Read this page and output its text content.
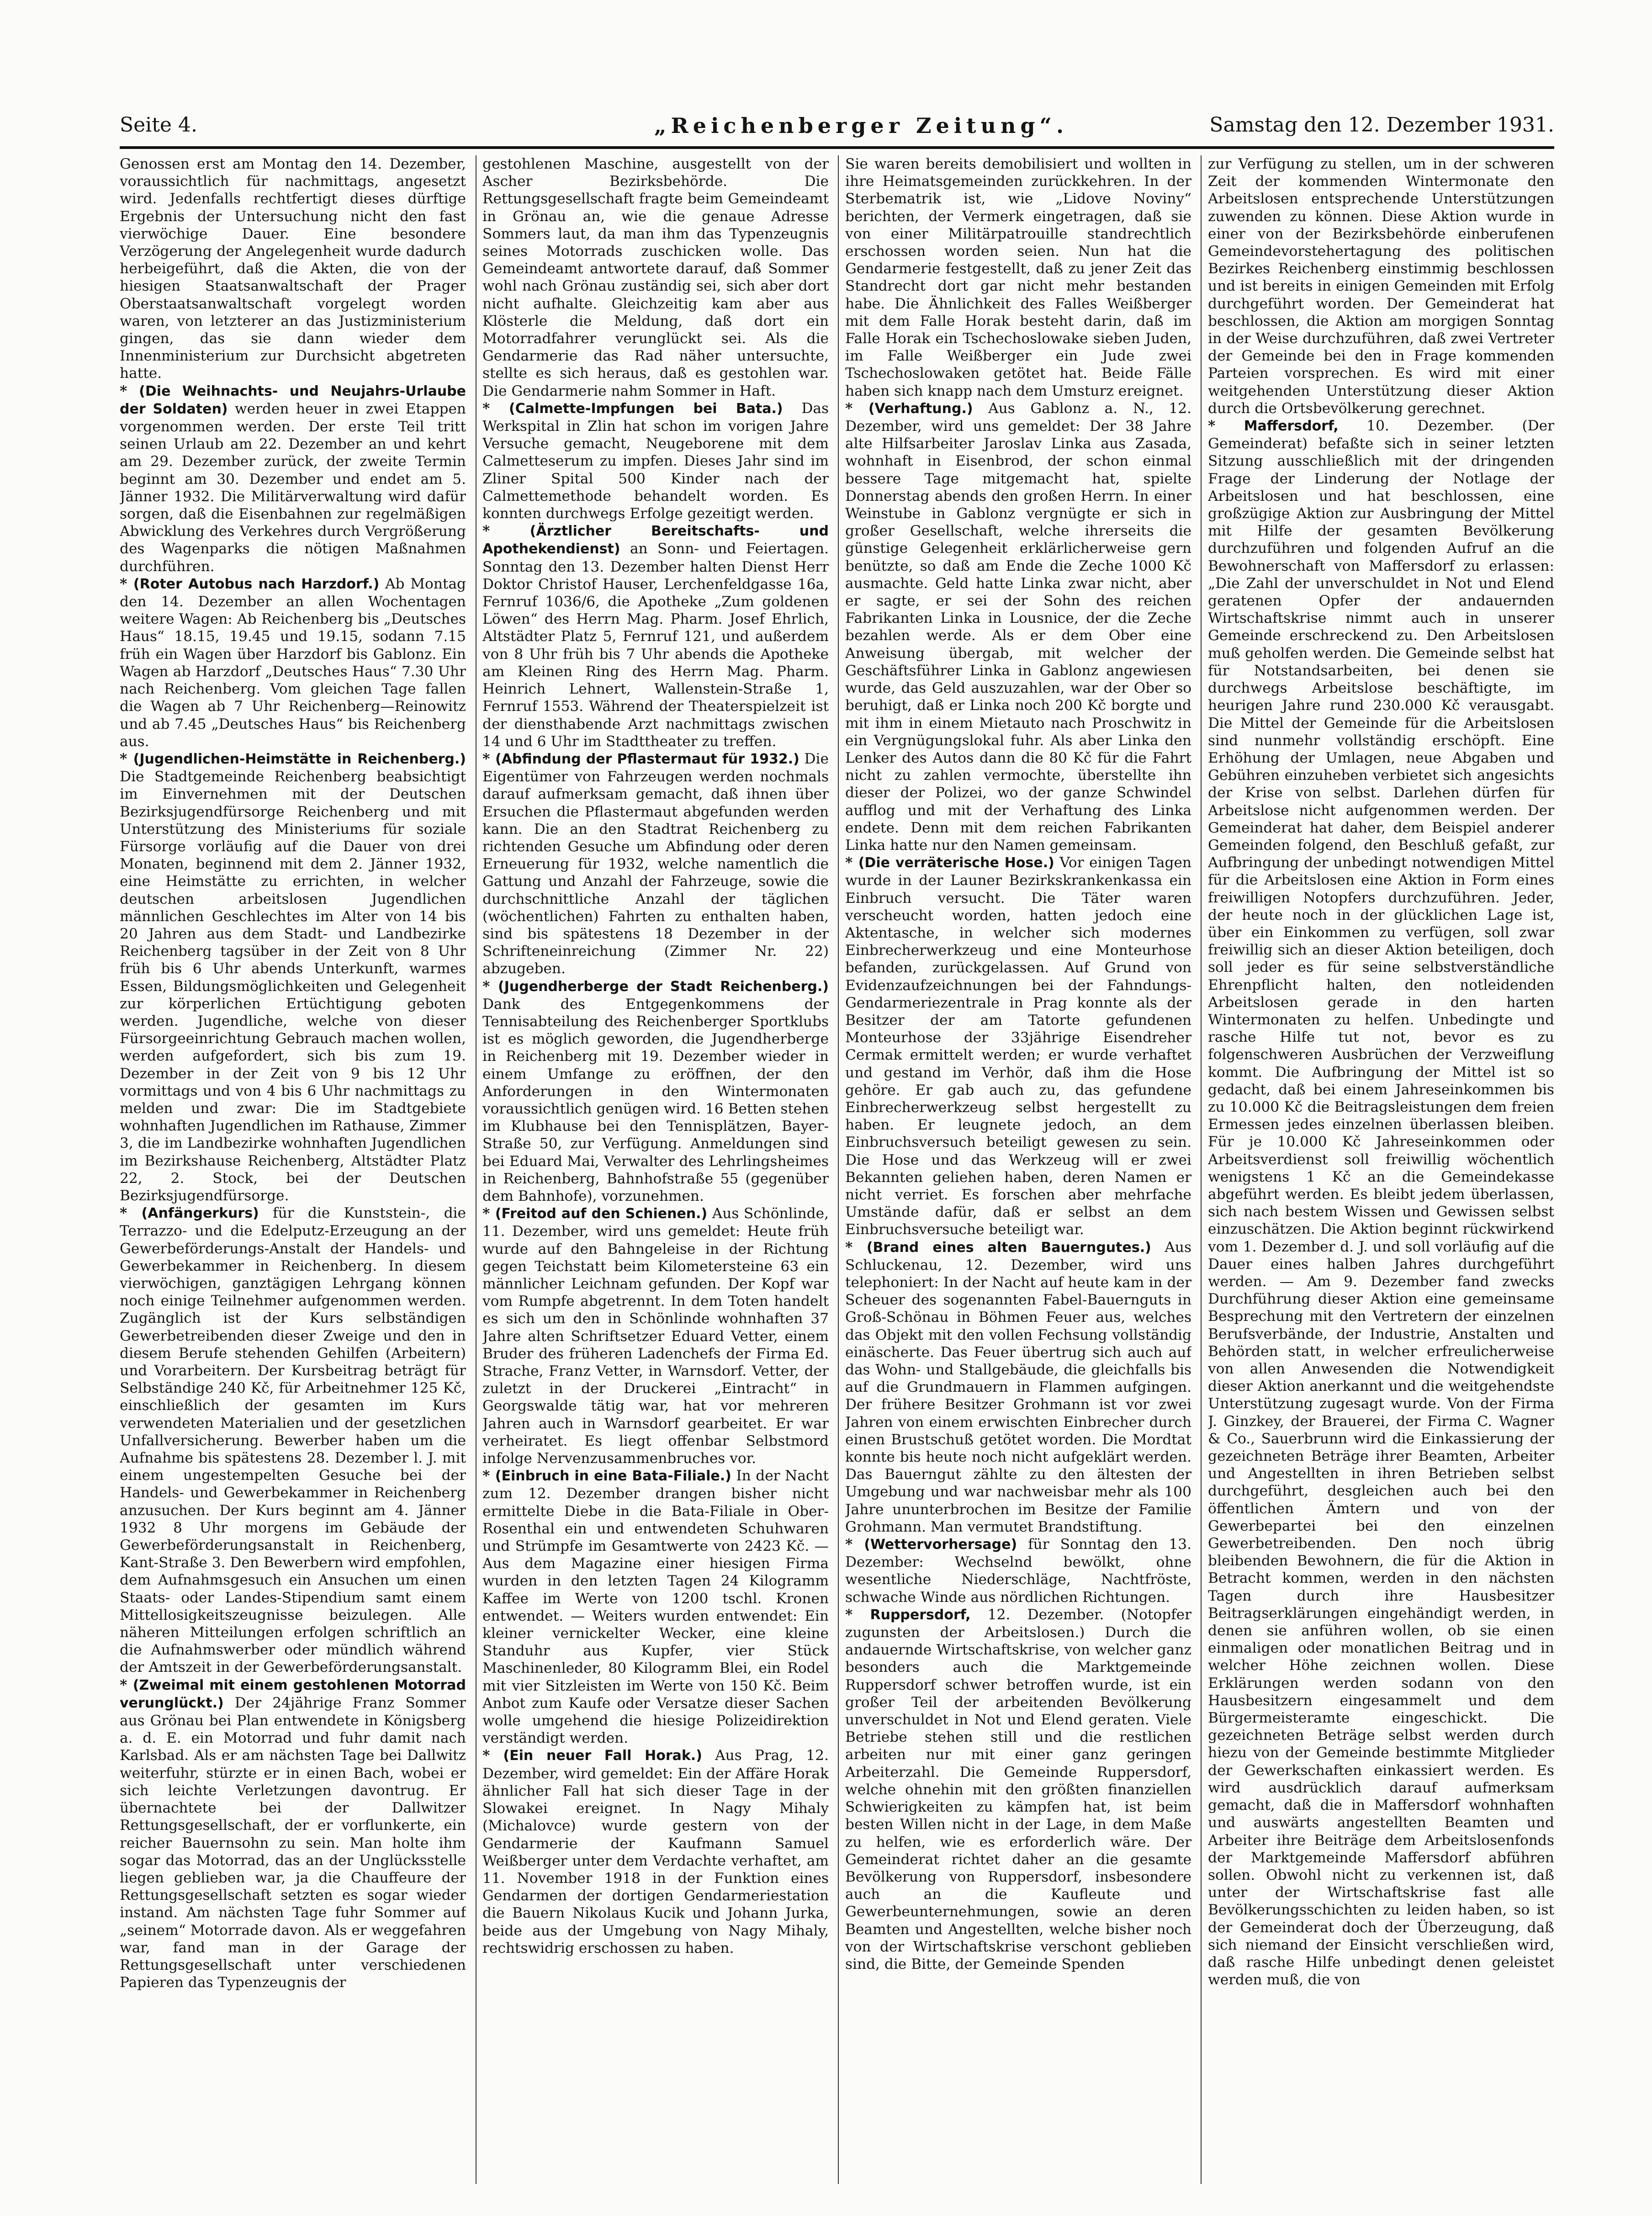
Seite 4.	„Reichenberger Zeitung“.	Samstag den 12. Dezember 1931.

Genossen erst am Montag den 14. Dezember, voraussichtlich für nachmittags, angesetzt wird. Jedenfalls rechtfertigt dieses dürftige Ergebnis der Untersuchung nicht den fast vierwöchige Dauer. Eine besondere Verzögerung der Angelegenheit wurde dadurch herbeigeführt, daß die Akten, die von der hiesigen Staatsanwaltschaft der Prager Oberstaatsanwaltschaft vorgelegt worden waren, von letzterer an das Justizministerium gingen, das sie dann wieder dem Innenministerium zur Durchsicht abgetreten hatte.

* (Die Weihnachts- und Neujahrs-Urlaube der Soldaten) werden heuer in zwei Etappen vorgenommen werden. Der erste Teil tritt seinen Urlaub am 22. Dezember an und kehrt am 29. Dezember zurück, der zweite Termin beginnt am 30. Dezember und endet am 5. Jänner 1932. Die Militärverwaltung wird dafür sorgen, daß die Eisenbahnen zur regelmäßigen Abwicklung des Verkehres durch Vergrößerung des Wagenparks die nötigen Maßnahmen durchführen.

* (Roter Autobus nach Harzdorf.) Ab Montag den 14. Dezember an allen Wochentagen weitere Wagen: Ab Reichenberg bis „Deutsches Haus“ 18.15, 19.45 und 19.15, sodann 7.15 früh ein Wagen über Harzdorf bis Gablonz. Ein Wagen ab Harzdorf „Deutsches Haus“ 7.30 Uhr nach Reichenberg. Vom gleichen Tage fallen die Wagen ab 7 Uhr Reichenberg—Reinowitz und ab 7.45 „Deutsches Haus“ bis Reichenberg aus.

* (Jugendlichen-Heimstätte in Reichenberg.) Die Stadtgemeinde Reichenberg beabsichtigt im Einvernehmen mit der Deutschen Bezirksjugendfürsorge Reichenberg und mit Unterstützung des Ministeriums für soziale Fürsorge vorläufig auf die Dauer von drei Monaten, beginnend mit dem 2. Jänner 1932, eine Heimstätte zu errichten, in welcher deutschen arbeitslosen Jugendlichen männlichen Geschlechtes im Alter von 14 bis 20 Jahren aus dem Stadt- und Landbezirke Reichenberg tagsüber in der Zeit von 8 Uhr früh bis 6 Uhr abends Unterkunft, warmes Essen, Bildungsmöglichkeiten und Gelegenheit zur körperlichen Ertüchtigung geboten werden. Jugendliche, welche von dieser Fürsorgeeinrichtung Gebrauch machen wollen, werden aufgefordert, sich bis zum 19. Dezember in der Zeit von 9 bis 12 Uhr vormittags und von 4 bis 6 Uhr nachmittags zu melden und zwar: Die im Stadtgebiete wohnhaften Jugendlichen im Rathause, Zimmer 3, die im Landbezirke wohnhaften Jugendlichen im Bezirkshause Reichenberg, Altstädter Platz 22, 2. Stock, bei der Deutschen Bezirksjugendfürsorge.

* (Anfängerkurs) für die Kunststein-, die Terrazzo- und die Edelputz-Erzeugung an der Gewerbeförderungs-Anstalt der Handels- und Gewerbekammer in Reichenberg. In diesem vierwöchigen, ganztägigen Lehrgang können noch einige Teilnehmer aufgenommen werden. Zugänglich ist der Kurs selbständigen Gewerbetreibenden dieser Zweige und den in diesem Berufe stehenden Gehilfen (Arbeitern) und Vorarbeitern. Der Kursbeitrag beträgt für Selbständige 240 Kč, für Arbeitnehmer 125 Kč, einschließlich der gesamten im Kurs verwendeten Materialien und der gesetzlichen Unfallversicherung. Bewerber haben um die Aufnahme bis spätestens 28. Dezember l. J. mit einem ungestempelten Gesuche bei der Handels- und Gewerbekammer in Reichenberg anzusuchen. Der Kurs beginnt am 4. Jänner 1932 8 Uhr morgens im Gebäude der Gewerbeförderungsanstalt in Reichenberg, Kant-Straße 3. Den Bewerbern wird empfohlen, dem Aufnahmsgesuch ein Ansuchen um einen Staats- oder Landes-Stipendium samt einem Mittellosigkeitszeugnisse beizulegen. Alle näheren Mitteilungen erfolgen schriftlich an die Aufnahmswerber oder mündlich während der Amtszeit in der Gewerbeförderungsanstalt.

* (Zweimal mit einem gestohlenen Motorrad verunglückt.) Der 24jährige Franz Sommer aus Grönau bei Plan entwendete in Königsberg a. d. E. ein Motorrad und fuhr damit nach Karlsbad. Als er am nächsten Tage bei Dallwitz weiterfuhr, stürzte er in einen Bach, wobei er sich leichte Verletzungen davontrug. Er übernachtete bei der Dallwitzer Rettungsgesellschaft, der er vorflunkerte, ein reicher Bauernsohn zu sein. Man holte ihm sogar das Motorrad, das an der Unglücksstelle liegen geblieben war, ja die Chauffeure der Rettungsgesellschaft setzten es sogar wieder instand. Am nächsten Tage fuhr Sommer auf „seinem“ Motorrade davon. Als er weggefahren war, fand man in der Garage der Rettungsgesellschaft unter verschiedenen Papieren das Typenzeugnis der

gestohlenen Maschine, ausgestellt von der Ascher Bezirksbehörde. Die Rettungsgesellschaft fragte beim Gemeindeamt in Grönau an, wie die genaue Adresse Sommers laut, da man ihm das Typenzeugnis seines Motorrads zuschicken wolle. Das Gemeindeamt antwortete darauf, daß Sommer wohl nach Grönau zuständig sei, sich aber dort nicht aufhalte. Gleichzeitig kam aber aus Klösterle die Meldung, daß dort ein Motorradfahrer verunglückt sei. Als die Gendarmerie das Rad näher untersuchte, stellte es sich heraus, daß es gestohlen war. Die Gendarmerie nahm Sommer in Haft.

* (Calmette-Impfungen bei Bata.) Das Werkspital in Zlin hat schon im vorigen Jahre Versuche gemacht, Neugeborene mit dem Calmetteserum zu impfen. Dieses Jahr sind im Zliner Spital 500 Kinder nach der Calmettemethode behandelt worden. Es konnten durchwegs Erfolge gezeitigt werden.

* (Ärztlicher Bereitschafts- und Apothekendienst) an Sonn- und Feiertagen. Sonntag den 13. Dezember halten Dienst Herr Doktor Christof Hauser, Lerchenfeldgasse 16a, Fernruf 1036/6, die Apotheke „Zum goldenen Löwen“ des Herrn Mag. Pharm. Josef Ehrlich, Altstädter Platz 5, Fernruf 121, und außerdem von 8 Uhr früh bis 7 Uhr abends die Apotheke am Kleinen Ring des Herrn Mag. Pharm. Heinrich Lehnert, Wallenstein-Straße 1, Fernruf 1553. Während der Theaterspielzeit ist der diensthabende Arzt nachmittags zwischen 14 und 6 Uhr im Stadttheater zu treffen.

* (Abfindung der Pflastermaut für 1932.) Die Eigentümer von Fahrzeugen werden nochmals darauf aufmerksam gemacht, daß ihnen über Ersuchen die Pflastermaut abgefunden werden kann. Die an den Stadtrat Reichenberg zu richtenden Gesuche um Abfindung oder deren Erneuerung für 1932, welche namentlich die Gattung und Anzahl der Fahrzeuge, sowie die durchschnittliche Anzahl der täglichen (wöchentlichen) Fahrten zu enthalten haben, sind bis spätestens 18 Dezember in der Schrifteneinreichung (Zimmer Nr. 22) abzugeben.

* (Jugendherberge der Stadt Reichenberg.) Dank des Entgegenkommens der Tennisabteilung des Reichenberger Sportklubs ist es möglich geworden, die Jugendherberge in Reichenberg mit 19. Dezember wieder in einem Umfange zu eröffnen, der den Anforderungen in den Wintermonaten voraussichtlich genügen wird. 16 Betten stehen im Klubhause bei den Tennisplätzen, Bayer-Straße 50, zur Verfügung. Anmeldungen sind bei Eduard Mai, Verwalter des Lehrlingsheimes in Reichenberg, Bahnhofstraße 55 (gegenüber dem Bahnhofe), vorzunehmen.

* (Freitod auf den Schienen.) Aus Schönlinde, 11. Dezember, wird uns gemeldet: Heute früh wurde auf den Bahngeleise in der Richtung gegen Teichstatt beim Kilometersteine 63 ein männlicher Leichnam gefunden. Der Kopf war vom Rumpfe abgetrennt. In dem Toten handelt es sich um den in Schönlinde wohnhaften 37 Jahre alten Schriftsetzer Eduard Vetter, einem Bruder des früheren Ladenchefs der Firma Ed. Strache, Franz Vetter, in Warnsdorf. Vetter, der zuletzt in der Druckerei „Eintracht“ in Georgswalde tätig war, hat vor mehreren Jahren auch in Warnsdorf gearbeitet. Er war verheiratet. Es liegt offenbar Selbstmord infolge Nervenzusammenbruches vor.

* (Einbruch in eine Bata-Filiale.) In der Nacht zum 12. Dezember drangen bisher nicht ermittelte Diebe in die Bata-Filiale in Ober-Rosenthal ein und entwendeten Schuhwaren und Strümpfe im Gesamtwerte von 2423 Kč. — Aus dem Magazine einer hiesigen Firma wurden in den letzten Tagen 24 Kilogramm Kaffee im Werte von 1200 tschl. Kronen entwendet. — Weiters wurden entwendet: Ein kleiner vernickelter Wecker, eine kleine Standuhr aus Kupfer, vier Stück Maschinenleder, 80 Kilogramm Blei, ein Rodel mit vier Sitzleisten im Werte von 150 Kč. Beim Anbot zum Kaufe oder Versatze dieser Sachen wolle umgehend die hiesige Polizeidirektion verständigt werden.

* (Ein neuer Fall Horak.) Aus Prag, 12. Dezember, wird gemeldet: Ein der Affäre Horak ähnlicher Fall hat sich dieser Tage in der Slowakei ereignet. In Nagy Mihaly (Michalovce) wurde gestern von der Gendarmerie der Kaufmann Samuel Weißberger unter dem Verdachte verhaftet, am 11. November 1918 in der Funktion eines Gendarmen der dortigen Gendarmeriestation die Bauern Nikolaus Kucik und Johann Jurka, beide aus der Umgebung von Nagy Mihaly, rechtswidrig erschossen zu haben.

Sie waren bereits demobilisiert und wollten in ihre Heimatsgemeinden zurückkehren. In der Sterbematrik ist, wie „Lidove Noviny“ berichten, der Vermerk eingetragen, daß sie von einer Militärpatrouille standrechtlich erschossen worden seien. Nun hat die Gendarmerie festgestellt, daß zu jener Zeit das Standrecht dort gar nicht mehr bestanden habe. Die Ähnlichkeit des Falles Weißberger mit dem Falle Horak besteht darin, daß im Falle Horak ein Tschechoslowake sieben Juden, im Falle Weißberger ein Jude zwei Tschechoslowaken getötet hat. Beide Fälle haben sich knapp nach dem Umsturz ereignet.

* (Verhaftung.) Aus Gablonz a. N., 12. Dezember, wird uns gemeldet: Der 38 Jahre alte Hilfsarbeiter Jaroslav Linka aus Zasada, wohnhaft in Eisenbrod, der schon einmal bessere Tage mitgemacht hat, spielte Donnerstag abends den großen Herrn. In einer Weinstube in Gablonz vergnügte er sich in großer Gesellschaft, welche ihrerseits die günstige Gelegenheit erklärlicherweise gern benützte, so daß am Ende die Zeche 1000 Kč ausmachte. Geld hatte Linka zwar nicht, aber er sagte, er sei der Sohn des reichen Fabrikanten Linka in Lousnice, der die Zeche bezahlen werde. Als er dem Ober eine Anweisung übergab, mit welcher der Geschäftsführer Linka in Gablonz angewiesen wurde, das Geld auszuzahlen, war der Ober so beruhigt, daß er Linka noch 200 Kč borgte und mit ihm in einem Mietauto nach Proschwitz in ein Vergnügungslokal fuhr. Als aber Linka den Lenker des Autos dann die 80 Kč für die Fahrt nicht zu zahlen vermochte, überstellte ihn dieser der Polizei, wo der ganze Schwindel aufflog und mit der Verhaftung des Linka endete. Denn mit dem reichen Fabrikanten Linka hatte nur den Namen gemeinsam.

* (Die verräterische Hose.) Vor einigen Tagen wurde in der Launer Bezirkskrankenkassa ein Einbruch versucht. Die Täter waren verscheucht worden, hatten jedoch eine Aktentasche, in welcher sich modernes Einbrecherwerkzeug und eine Monteurhose befanden, zurückgelassen. Auf Grund von Evidenzaufzeichnungen bei der Fahndungs-Gendarmeriezentrale in Prag konnte als der Besitzer der am Tatorte gefundenen Monteurhose der 33jährige Eisendreher Cermak ermittelt werden; er wurde verhaftet und gestand im Verhör, daß ihm die Hose gehöre. Er gab auch zu, das gefundene Einbrecherwerkzeug selbst hergestellt zu haben. Er leugnete jedoch, an dem Einbruchsversuch beteiligt gewesen zu sein. Die Hose und das Werkzeug will er zwei Bekannten geliehen haben, deren Namen er nicht verriet. Es forschen aber mehrfache Umstände dafür, daß er selbst an dem Einbruchsversuche beteiligt war.

* (Brand eines alten Bauerngutes.) Aus Schluckenau, 12. Dezember, wird uns telephoniert: In der Nacht auf heute kam in der Scheuer des sogenannten Fabel-Bauernguts in Groß-Schönau in Böhmen Feuer aus, welches das Objekt mit den vollen Fechsung vollständig einäscherte. Das Feuer übertrug sich auch auf das Wohn- und Stallgebäude, die gleichfalls bis auf die Grundmauern in Flammen aufgingen. Der frühere Besitzer Grohmann ist vor zwei Jahren von einem erwischten Einbrecher durch einen Brustschuß getötet worden. Die Mordtat konnte bis heute noch nicht aufgeklärt werden. Das Bauerngut zählte zu den ältesten der Umgebung und war nachweisbar mehr als 100 Jahre ununterbrochen im Besitze der Familie Grohmann. Man vermutet Brandstiftung.

* (Wettervorhersage) für Sonntag den 13. Dezember: Wechselnd bewölkt, ohne wesentliche Niederschläge, Nachtfröste, schwache Winde aus nördlichen Richtungen.

* Ruppersdorf, 12. Dezember. (Notopfer zugunsten der Arbeitslosen.) Durch die andauernde Wirtschaftskrise, von welcher ganz besonders auch die Marktgemeinde Ruppersdorf schwer betroffen wurde, ist ein großer Teil der arbeitenden Bevölkerung unverschuldet in Not und Elend geraten. Viele Betriebe stehen still und die restlichen arbeiten nur mit einer ganz geringen Arbeiterzahl. Die Gemeinde Ruppersdorf, welche ohnehin mit den größten finanziellen Schwierigkeiten zu kämpfen hat, ist beim besten Willen nicht in der Lage, in dem Maße zu helfen, wie es erforderlich wäre. Der Gemeinderat richtet daher an die gesamte Bevölkerung von Ruppersdorf, insbesondere auch an die Kaufleute und Gewerbeunternehmungen, sowie an deren Beamten und Angestellten, welche bisher noch von der Wirtschaftskrise verschont geblieben sind, die Bitte, der Gemeinde Spenden

zur Verfügung zu stellen, um in der schweren Zeit der kommenden Wintermonate den Arbeitslosen entsprechende Unterstützungen zuwenden zu können. Diese Aktion wurde in einer von der Bezirksbehörde einberufenen Gemeindevorstehertagung des politischen Bezirkes Reichenberg einstimmig beschlossen und ist bereits in einigen Gemeinden mit Erfolg durchgeführt worden. Der Gemeinderat hat beschlossen, die Aktion am morgigen Sonntag in der Weise durchzuführen, daß zwei Vertreter der Gemeinde bei den in Frage kommenden Parteien vorsprechen. Es wird mit einer weitgehenden Unterstützung dieser Aktion durch die Ortsbevölkerung gerechnet.

* Maffersdorf, 10. Dezember. (Der Gemeinderat) befaßte sich in seiner letzten Sitzung ausschließlich mit der dringenden Frage der Linderung der Notlage der Arbeitslosen und hat beschlossen, eine großzügige Aktion zur Ausbringung der Mittel mit Hilfe der gesamten Bevölkerung durchzuführen und folgenden Aufruf an die Bewohnerschaft von Maffersdorf zu erlassen: „Die Zahl der unverschuldet in Not und Elend geratenen Opfer der andauernden Wirtschaftskrise nimmt auch in unserer Gemeinde erschreckend zu. Den Arbeitslosen muß geholfen werden. Die Gemeinde selbst hat für Notstandsarbeiten, bei denen sie durchwegs Arbeitslose beschäftigte, im heurigen Jahre rund 230.000 Kč verausgabt. Die Mittel der Gemeinde für die Arbeitslosen sind nunmehr vollständig erschöpft. Eine Erhöhung der Umlagen, neue Abgaben und Gebühren einzuheben verbietet sich angesichts der Krise von selbst. Darlehen dürfen für Arbeitslose nicht aufgenommen werden. Der Gemeinderat hat daher, dem Beispiel anderer Gemeinden folgend, den Beschluß gefaßt, zur Aufbringung der unbedingt notwendigen Mittel für die Arbeitslosen eine Aktion in Form eines freiwilligen Notopfers durchzuführen. Jeder, der heute noch in der glücklichen Lage ist, über ein Einkommen zu verfügen, soll zwar freiwillig sich an dieser Aktion beteiligen, doch soll jeder es für seine selbstverständliche Ehrenpflicht halten, den notleidenden Arbeitslosen gerade in den harten Wintermonaten zu helfen. Unbedingte und rasche Hilfe tut not, bevor es zu folgenschweren Ausbrüchen der Verzweiflung kommt. Die Aufbringung der Mittel ist so gedacht, daß bei einem Jahreseinkommen bis zu 10.000 Kč die Beitragsleistungen dem freien Ermessen jedes einzelnen überlassen bleiben. Für je 10.000 Kč Jahreseinkommen oder Arbeitsverdienst soll freiwillig wöchentlich wenigstens 1 Kč an die Gemeindekasse abgeführt werden. Es bleibt jedem überlassen, sich nach bestem Wissen und Gewissen selbst einzuschätzen. Die Aktion beginnt rückwirkend vom 1. Dezember d. J. und soll vorläufig auf die Dauer eines halben Jahres durchgeführt werden. — Am 9. Dezember fand zwecks Durchführung dieser Aktion eine gemeinsame Besprechung mit den Vertretern der einzelnen Berufsverbände, der Industrie, Anstalten und Behörden statt, in welcher erfreulicherweise von allen Anwesenden die Notwendigkeit dieser Aktion anerkannt und die weitgehendste Unterstützung zugesagt wurde. Von der Firma J. Ginzkey, der Brauerei, der Firma C. Wagner & Co., Sauerbrunn wird die Einkassierung der gezeichneten Beträge ihrer Beamten, Arbeiter und Angestellten in ihren Betrieben selbst durchgeführt, desgleichen auch bei den öffentlichen Ämtern und von der Gewerbepartei bei den einzelnen Gewerbetreibenden. Den noch übrig bleibenden Bewohnern, die für die Aktion in Betracht kommen, werden in den nächsten Tagen durch ihre Hausbesitzer Beitragserklärungen eingehändigt werden, in denen sie anführen wollen, ob sie einen einmaligen oder monatlichen Beitrag und in welcher Höhe zeichnen wollen. Diese Erklärungen werden sodann von den Hausbesitzern eingesammelt und dem Bürgermeisteramte eingeschickt. Die gezeichneten Beträge selbst werden durch hiezu von der Gemeinde bestimmte Mitglieder der Gewerkschaften einkassiert werden. Es wird ausdrücklich darauf aufmerksam gemacht, daß die in Maffersdorf wohnhaften und auswärts angestellten Beamten und Arbeiter ihre Beiträge dem Arbeitslosenfonds der Marktgemeinde Maffersdorf abführen sollen. Obwohl nicht zu verkennen ist, daß unter der Wirtschaftskrise fast alle Bevölkerungsschichten zu leiden haben, so ist der Gemeinderat doch der Überzeugung, daß sich niemand der Einsicht verschließen wird, daß rasche Hilfe unbedingt denen geleistet werden muß, die von
